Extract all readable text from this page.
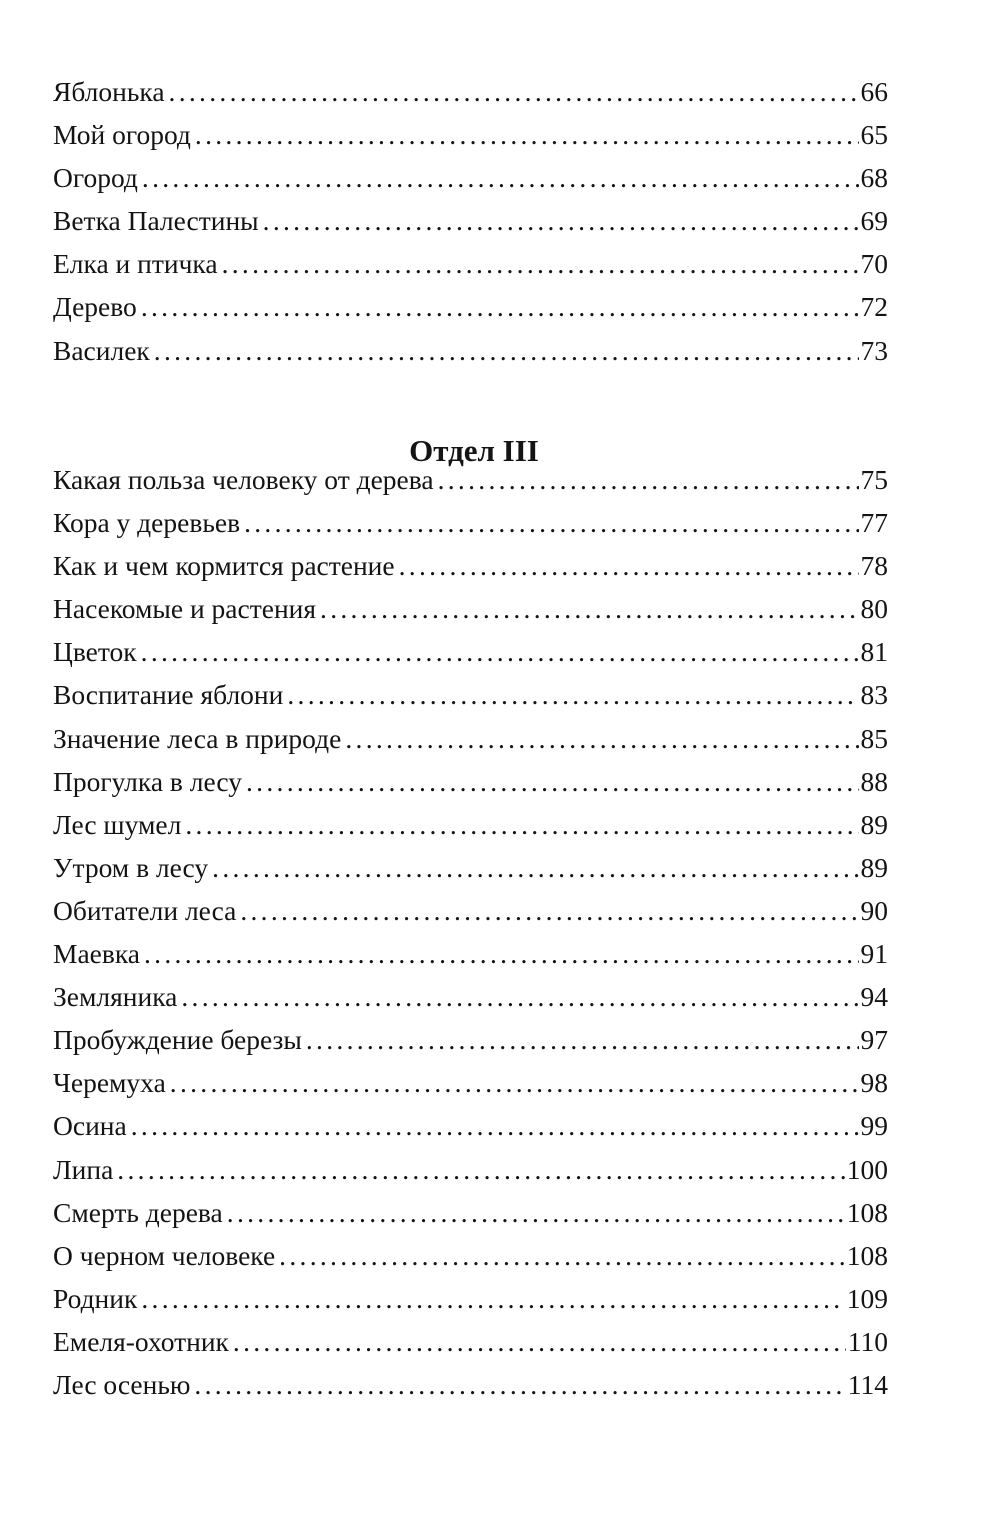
Яблонька .....	66
Мой огород .....	65
Огород .....	68
Ветка Палестины .....	69
Елка и птичка .....	70
Дерево .....	72
Василек .....	73
Отдел III
Какая польза человеку от дерева .....	75
Кора у деревьев .....	77
Как и чем кормится растение .....	78
Насекомые и растения .....	80
Цветок .....	81
Воспитание яблони .....	83
Значение леса в природе .....	85
Прогулка в лесу .....	88
Лес шумел .....	89
Утром в лесу .....	89
Обитатели леса .....	90
Маевка .....	91
Земляника .....	94
Пробуждение березы .....	97
Черемуха .....	98
Осина .....	99
Липа .....	100
Смерть дерева .....	108
О черном человеке .....	108
Родник .....	109
Емеля-охотник .....	110
Лес осенью .....	114
